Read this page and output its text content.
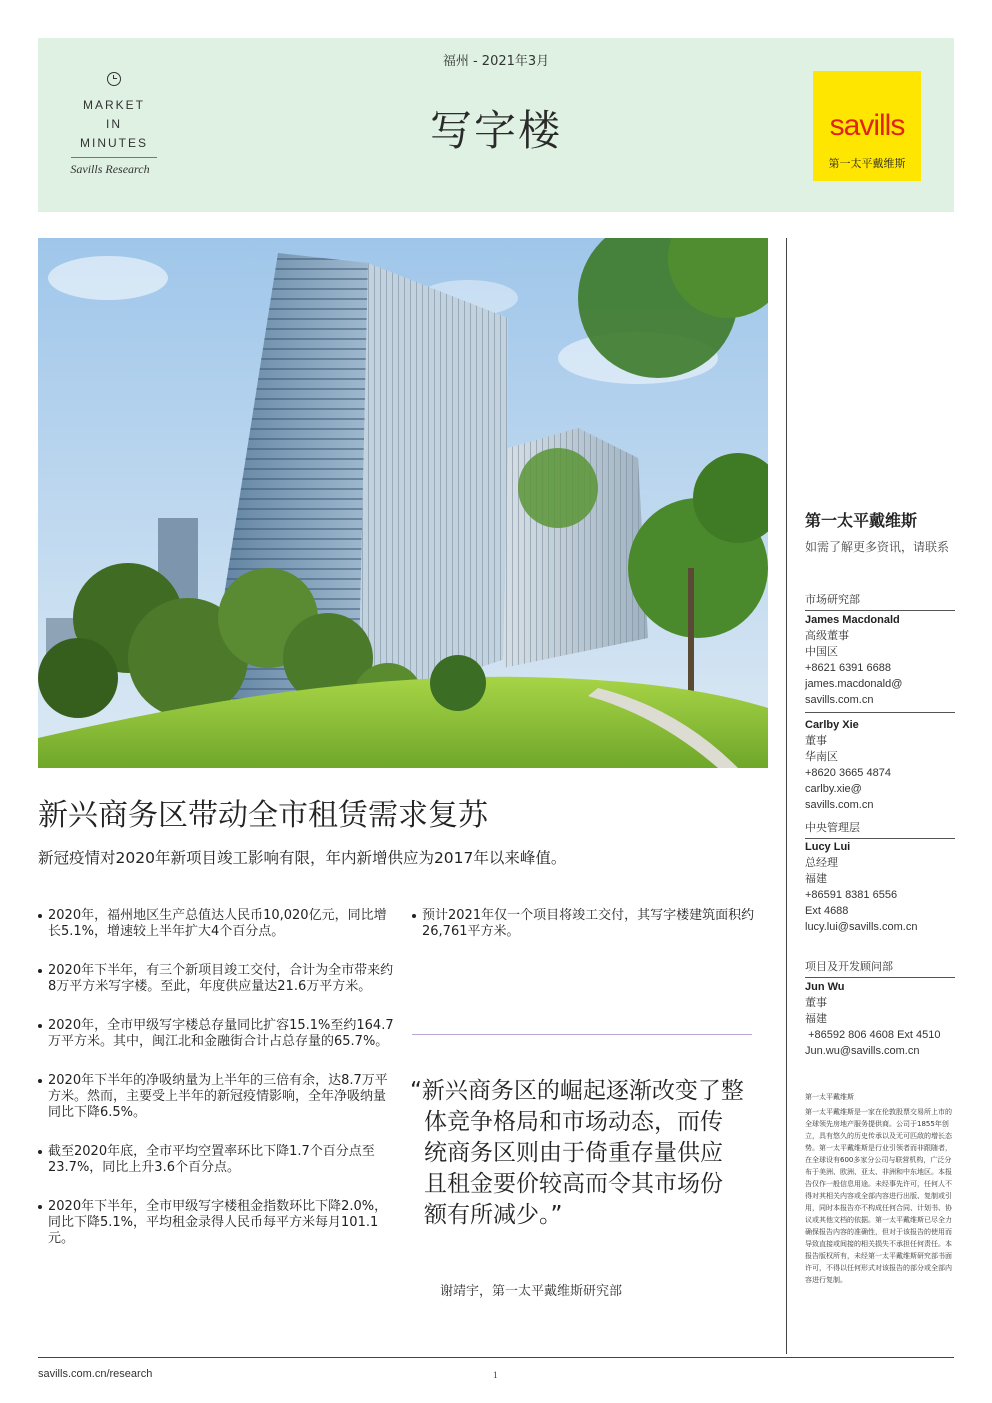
MARKET
IN
MINUTES
Savills Research
福州 - 2021年3月
写字楼	savills
第一太平戴维斯
第一太平戴维斯
如需了解更多资讯，请联系
市场研究部
James Macdonald
高级董事
中国区
+8621 6391 6688
james.macdonald@
savills.com.cn
Carlby Xie
董事
华南区
+8620 3665 4874
carlby.xie@
savills.com.cn
中央管理层
Lucy Lui
总经理
福建
+86591 8381 6556
Ext 4688
lucy.lui@savills.com.cn
项目及开发顾问部
Jun Wu
董事
福建
+86592 806 4608 Ext 4510
Jun.wu@savills.com.cn
第一太平戴维斯
第一太平戴维斯是一家在伦敦股票交易所上市的全球领先房地产服务提供商。公司于1855年创立，具有悠久的历史传承以及无可匹敌的增长态势。第一太平戴维斯是行业引领者而非跟随者，在全球设有600多家分公司与联营机构，广泛分布于美洲、欧洲、亚太、非洲和中东地区。本报告仅作一般信息用途。未经事先许可，任何人不得对其相关内容或全部内容进行出版、复制或引用，同时本报告亦不构成任何合同、计划书、协议或其他文档的依据。第一太平戴维斯已尽全力确保报告内容的准确性，但对于该报告的使用而导致直接或间接的相关损失不承担任何责任。本报告版权所有，未经第一太平戴维斯研究部书面许可，不得以任何形式对该报告的部分或全部内容进行复制。
新兴商务区带动全市租赁需求复苏
新冠疫情对2020年新项目竣工影响有限，年内新增供应为2017年以来峰值。
2020年，福州地区生产总值达人民币10,020亿元，同比增长5.1%，增速较上半年扩大4个百分点。
2020年下半年，有三个新项目竣工交付，合计为全市带来约8万平方米写字楼。至此，年度供应量达21.6万平方米。
2020年，全市甲级写字楼总存量同比扩容15.1%至约164.7万平方米。其中，闽江北和金融街合计占总存量的65.7%。
2020年下半年的净吸纳量为上半年的三倍有余，达8.7万平方米。然而，主要受上半年的新冠疫情影响，全年净吸纳量同比下降6.5%。
截至2020年底，全市平均空置率环比下降1.7个百分点至23.7%，同比上升3.6个百分点。
2020年下半年，全市甲级写字楼租金指数环比下降2.0%，同比下降5.1%，平均租金录得人民币每平方米每月101.1元。
预计2021年仅一个项目将竣工交付，其写字楼建筑面积约26,761平方米。
“新兴商务区的崛起逐渐改变了整体竞争格局和市场动态，而传统商务区则由于倚重存量供应且租金要价较高而令其市场份额有所减少。”
谢靖宇，第一太平戴维斯研究部
savills.com.cn/research	1
